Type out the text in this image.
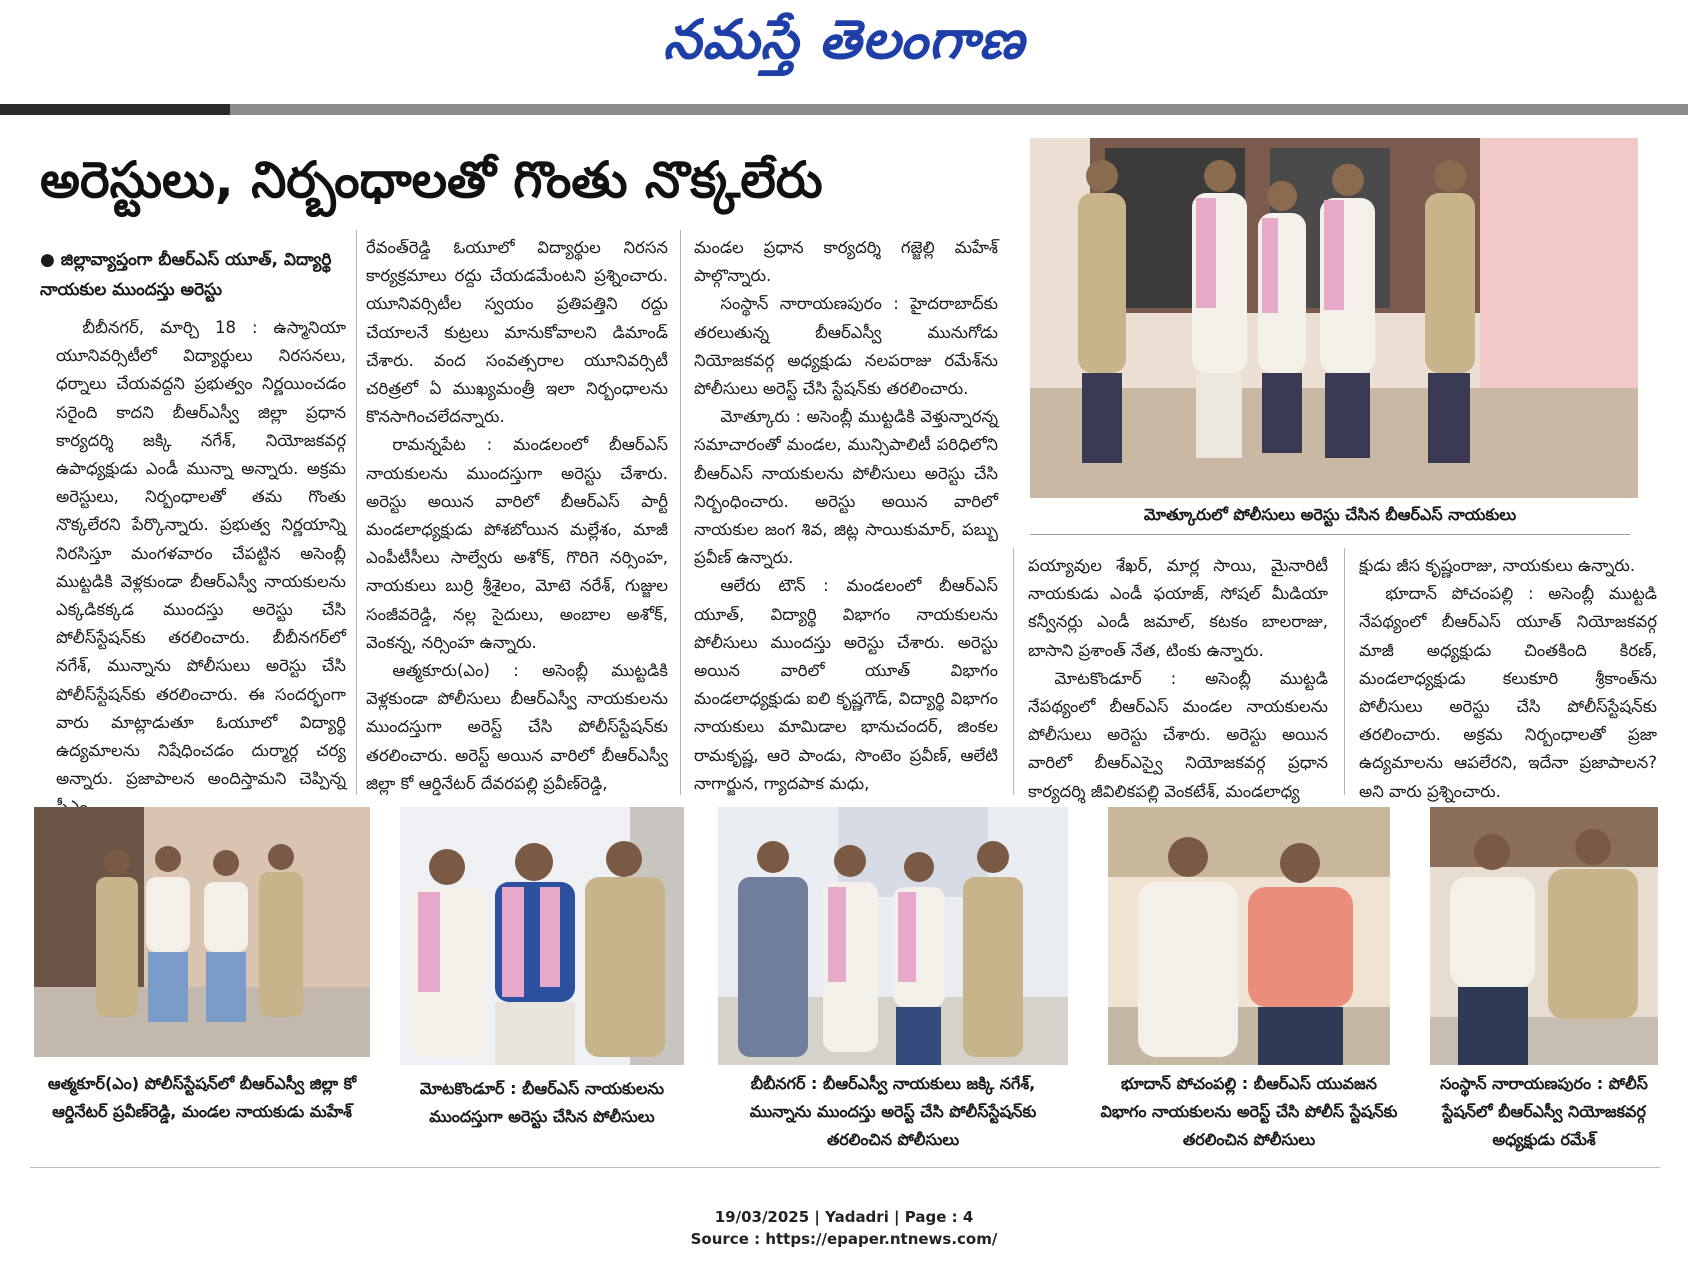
నమస్తే తెలంగాణ
అరెస్టులు, నిర్బంధాలతో గొంతు నొక్కలేరు
● జిల్లావ్యాప్తంగా బీఆర్ఎస్ యూత్, విద్యార్థి నాయకుల ముందస్తు అరెస్టు

బీబీనగర్, మార్చి 18 : ఉస్మానియా యూనివర్సిటీలో విద్యార్థులు నిరసనలు, ధర్నాలు చేయవద్దని ప్రభుత్వం నిర్ణయించడం సరైంది కాదని బీఆర్ఎస్వీ జిల్లా ప్రధాన కార్యదర్శి జక్కి నగేశ్, నియోజకవర్గ ఉపాధ్యక్షుడు ఎండీ మున్నా అన్నారు. అక్రమ అరెస్టులు, నిర్బంధాలతో తమ గొంతు నొక్కలేరని పేర్కొన్నారు. ప్రభుత్వ నిర్ణయాన్ని నిరసిస్తూ మంగళవారం చేపట్టిన అసెంబ్లీ ముట్టడికి వెళ్లకుండా బీఆర్ఎస్వీ నాయకులను ఎక్కడికక్కడ ముందస్తు అరెస్టు చేసి పోలీస్‌స్టేషన్‌కు తరలించారు. బీబీనగర్‌లో నగేశ్, మున్నాను పోలీసులు అరెస్టు చేసి పోలీస్‌స్టేషన్‌కు తరలించారు. ఈ సందర్భంగా వారు మాట్లాడుతూ ఓయూలో విద్యార్థి ఉద్యమాలను నిషేధించడం దుర్మార్గ చర్య అన్నారు. ప్రజాపాలన అందిస్తామని చెప్పిన్న

రేవంత్‌రెడ్డి ఓయూలో విద్యార్థుల నిరసన కార్యక్రమాలు రద్దు చేయడమేంటని ప్రశ్నించారు. యూనివర్సిటీల స్వయం ప్రతిపత్తిని రద్దు చేయాలనే కుట్రలు మానుకోవాలని డిమాండ్ చేశారు. వంద సంవత్సరాల యూనివర్సిటీ చరిత్రలో ఏ ముఖ్యమంత్రీ ఇలా నిర్బంధాలను కొనసాగించలేదన్నారు.

రామన్నపేట : మండలంలో బీఆర్ఎస్ నాయకులను ముందస్తుగా అరెస్టు చేశారు. అరెస్టు అయిన వారిలో బీఆర్ఎస్ పార్టీ మండలాధ్యక్షుడు పోశబోయిన మల్లేశం, మాజీ ఎంపీటీసీలు సాల్వేరు అశోక్, గొరిగె నర్సింహ, నాయకులు బుర్రి శ్రీశైలం, మోటె నరేశ్, గుజ్జుల సంజీవరెడ్డి, నల్ల సైదులు, అంబాల అశోక్, వెంకన్న, నర్సింహ ఉన్నారు.

ఆత్మకూరు(ఎం) : అసెంబ్లీ ముట్టడికి వెళ్లకుండా పోలీసులు బీఆర్ఎస్వీ నాయకులను ముందస్తుగా అరెస్ట్ చేసి పోలీస్‌స్టేషన్‌కు తరలించారు. అరెస్ట్ అయిన వారిలో బీఆర్ఎస్వీ జిల్లా కో ఆర్డినేటర్ దేవరపల్లి ప్రవీణ్‌రెడ్డి,

మండల ప్రధాన కార్యదర్శి గజ్జెల్లి మహేశ్ పాల్గొన్నారు.

సంస్థాన్ నారాయణపురం : హైదరాబాద్‌కు తరలుతున్న బీఆర్ఎస్వీ మునుగోడు నియోజకవర్గ అధ్యక్షుడు నలపరాజు రమేశ్‌ను పోలీసులు అరెస్ట్ చేసి స్టేషన్‌కు తరలించారు.

మోత్కూరు : అసెంబ్లీ ముట్టడికి వెళ్తున్నారన్న సమాచారంతో మండల, మున్సిపాలిటీ పరిధిలోని బీఆర్ఎస్ నాయకులను పోలీసులు అరెస్టు చేసి నిర్బంధించారు. అరెస్టు అయిన వారిలో నాయకుల జంగ శివ, జిట్ల సాయికుమార్, పబ్బు ప్రవీణ్ ఉన్నారు.

ఆలేరు టౌన్ : మండలంలో బీఆర్ఎస్ యూత్, విద్యార్థి విభాగం నాయకులను పోలీసులు ముందస్తు అరెస్టు చేశారు. అరెస్టు అయిన వారిలో యూత్ విభాగం మండలాధ్యక్షుడు ఐలి కృష్ణగౌడ్, విద్యార్థి విభాగం నాయకులు మామిడాల భానుచందర్, జింకల రామకృష్ణ, ఆరె పాండు, సొంటెం ప్రవీణ్, ఆలేటి నాగార్జున, గ్యాదపాక మధు,

పయ్యావుల శేఖర్, మార్ల సాయి, మైనారిటీ నాయకుడు ఎండీ ఫయాజ్, సోషల్ మీడియా కన్వీనర్లు ఎండీ జమాల్, కటకం బాలరాజు, బాసాని ప్రశాంత్ నేత, టింకు ఉన్నారు.

మోటకొండూర్ : అసెంబ్లీ ముట్టడి నేపథ్యంలో బీఆర్ఎస్ మండల నాయకులను పోలీసులు అరెస్టు చేశారు. అరెస్టు అయిన వారిలో బీఆర్ఎస్వై నియోజకవర్గ ప్రధాన కార్యదర్శి జీవిలికపల్లి వెంకటేశ్, మండలాధ్య

క్షుడు జీస కృష్ణంరాజు, నాయకులు ఉన్నారు.

భూదాన్ పోచంపల్లి : అసెంబ్లీ ముట్టడి నేపథ్యంలో బీఆర్ఎస్ యూత్ నియోజకవర్గ మాజీ అధ్యక్షుడు చింతకింది కిరణ్, మండలాధ్యక్షుడు కలుకూరి శ్రీకాంత్‌ను పోలీసులు అరెస్టు చేసి పోలీస్‌స్టేషన్‌కు తరలించారు. అక్రమ నిర్బంధాలతో ప్రజా ఉద్యమాలను ఆపలేరని, ఇదేనా ప్రజాపాలన? అని వారు ప్రశ్నించారు.

మోత్కూరులో పోలీసులు అరెస్టు చేసిన బీఆర్ఎస్ నాయకులు
ఆత్మకూర్(ఎం) పోలీస్‌స్టేషన్‌లో బీఆర్ఎస్వీ జిల్లా కో ఆర్డినేటర్ ప్రవీణ్‌రెడ్డి, మండల నాయకుడు మహేశ్
మోటకొండూర్ : బీఆర్ఎస్ నాయకులను ముందస్తుగా అరెస్టు చేసిన పోలీసులు
బీబీనగర్ : బీఆర్ఎస్వీ నాయకులు జక్కి నగేశ్, మున్నాను ముందస్తు అరెస్ట్ చేసి పోలీస్‌స్టేషన్‌కు తరలించిన పోలీసులు
భూదాన్ పోచంపల్లి : బీఆర్ఎస్ యువజన విభాగం నాయకులను అరెస్ట్ చేసి పోలీస్ స్టేషన్‌కు తరలించిన పోలీసులు
సంస్థాన్ నారాయణపురం : పోలీస్ స్టేషన్‌లో బీఆర్ఎస్వీ నియోజకవర్గ అధ్యక్షుడు రమేశ్
19/03/2025 | Yadadri | Page : 4
Source : https://epaper.ntnews.com/
